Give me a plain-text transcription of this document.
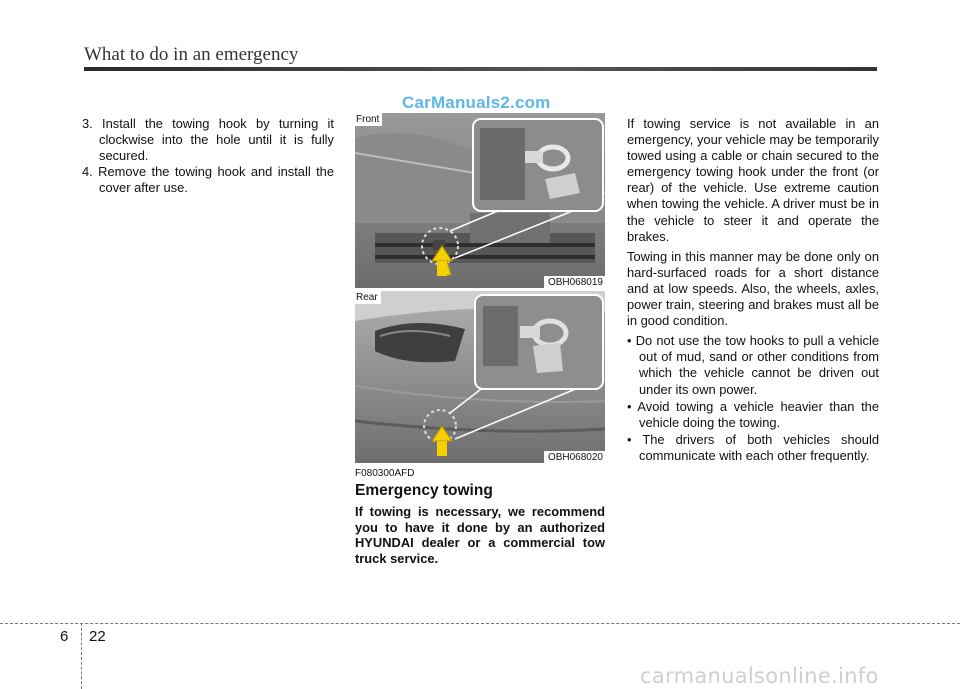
What to do in an emergency
CarManuals2.com

3. Install the towing hook by turning it clockwise into the hole until it is fully secured.

4. Remove the towing hook and install the cover after use.

Front
OBH068019
Rear
OBH068020
F080300AFD
Emergency towing

If towing is necessary, we recommend you to have it done by an authorized HYUNDAI dealer or a commercial tow truck service.

If towing service is not available in an emergency, your vehicle may be temporarily towed using a cable or chain secured to the emergency towing hook under the front (or rear) of the vehicle. Use extreme caution when towing the vehicle. A driver must be in the vehicle to steer it and operate the brakes.

Towing in this manner may be done only on hard-surfaced roads for a short distance and at low speeds. Also, the wheels, axles, power train, steering and brakes must all be in good condition.

• Do not use the tow hooks to pull a vehicle out of mud, sand or other conditions from which the vehicle cannot be driven out under its own power.
• Avoid towing a vehicle heavier than the vehicle doing the towing.
• The drivers of both vehicles should communicate with each other frequently.
6 22
carmanualsonline.info
